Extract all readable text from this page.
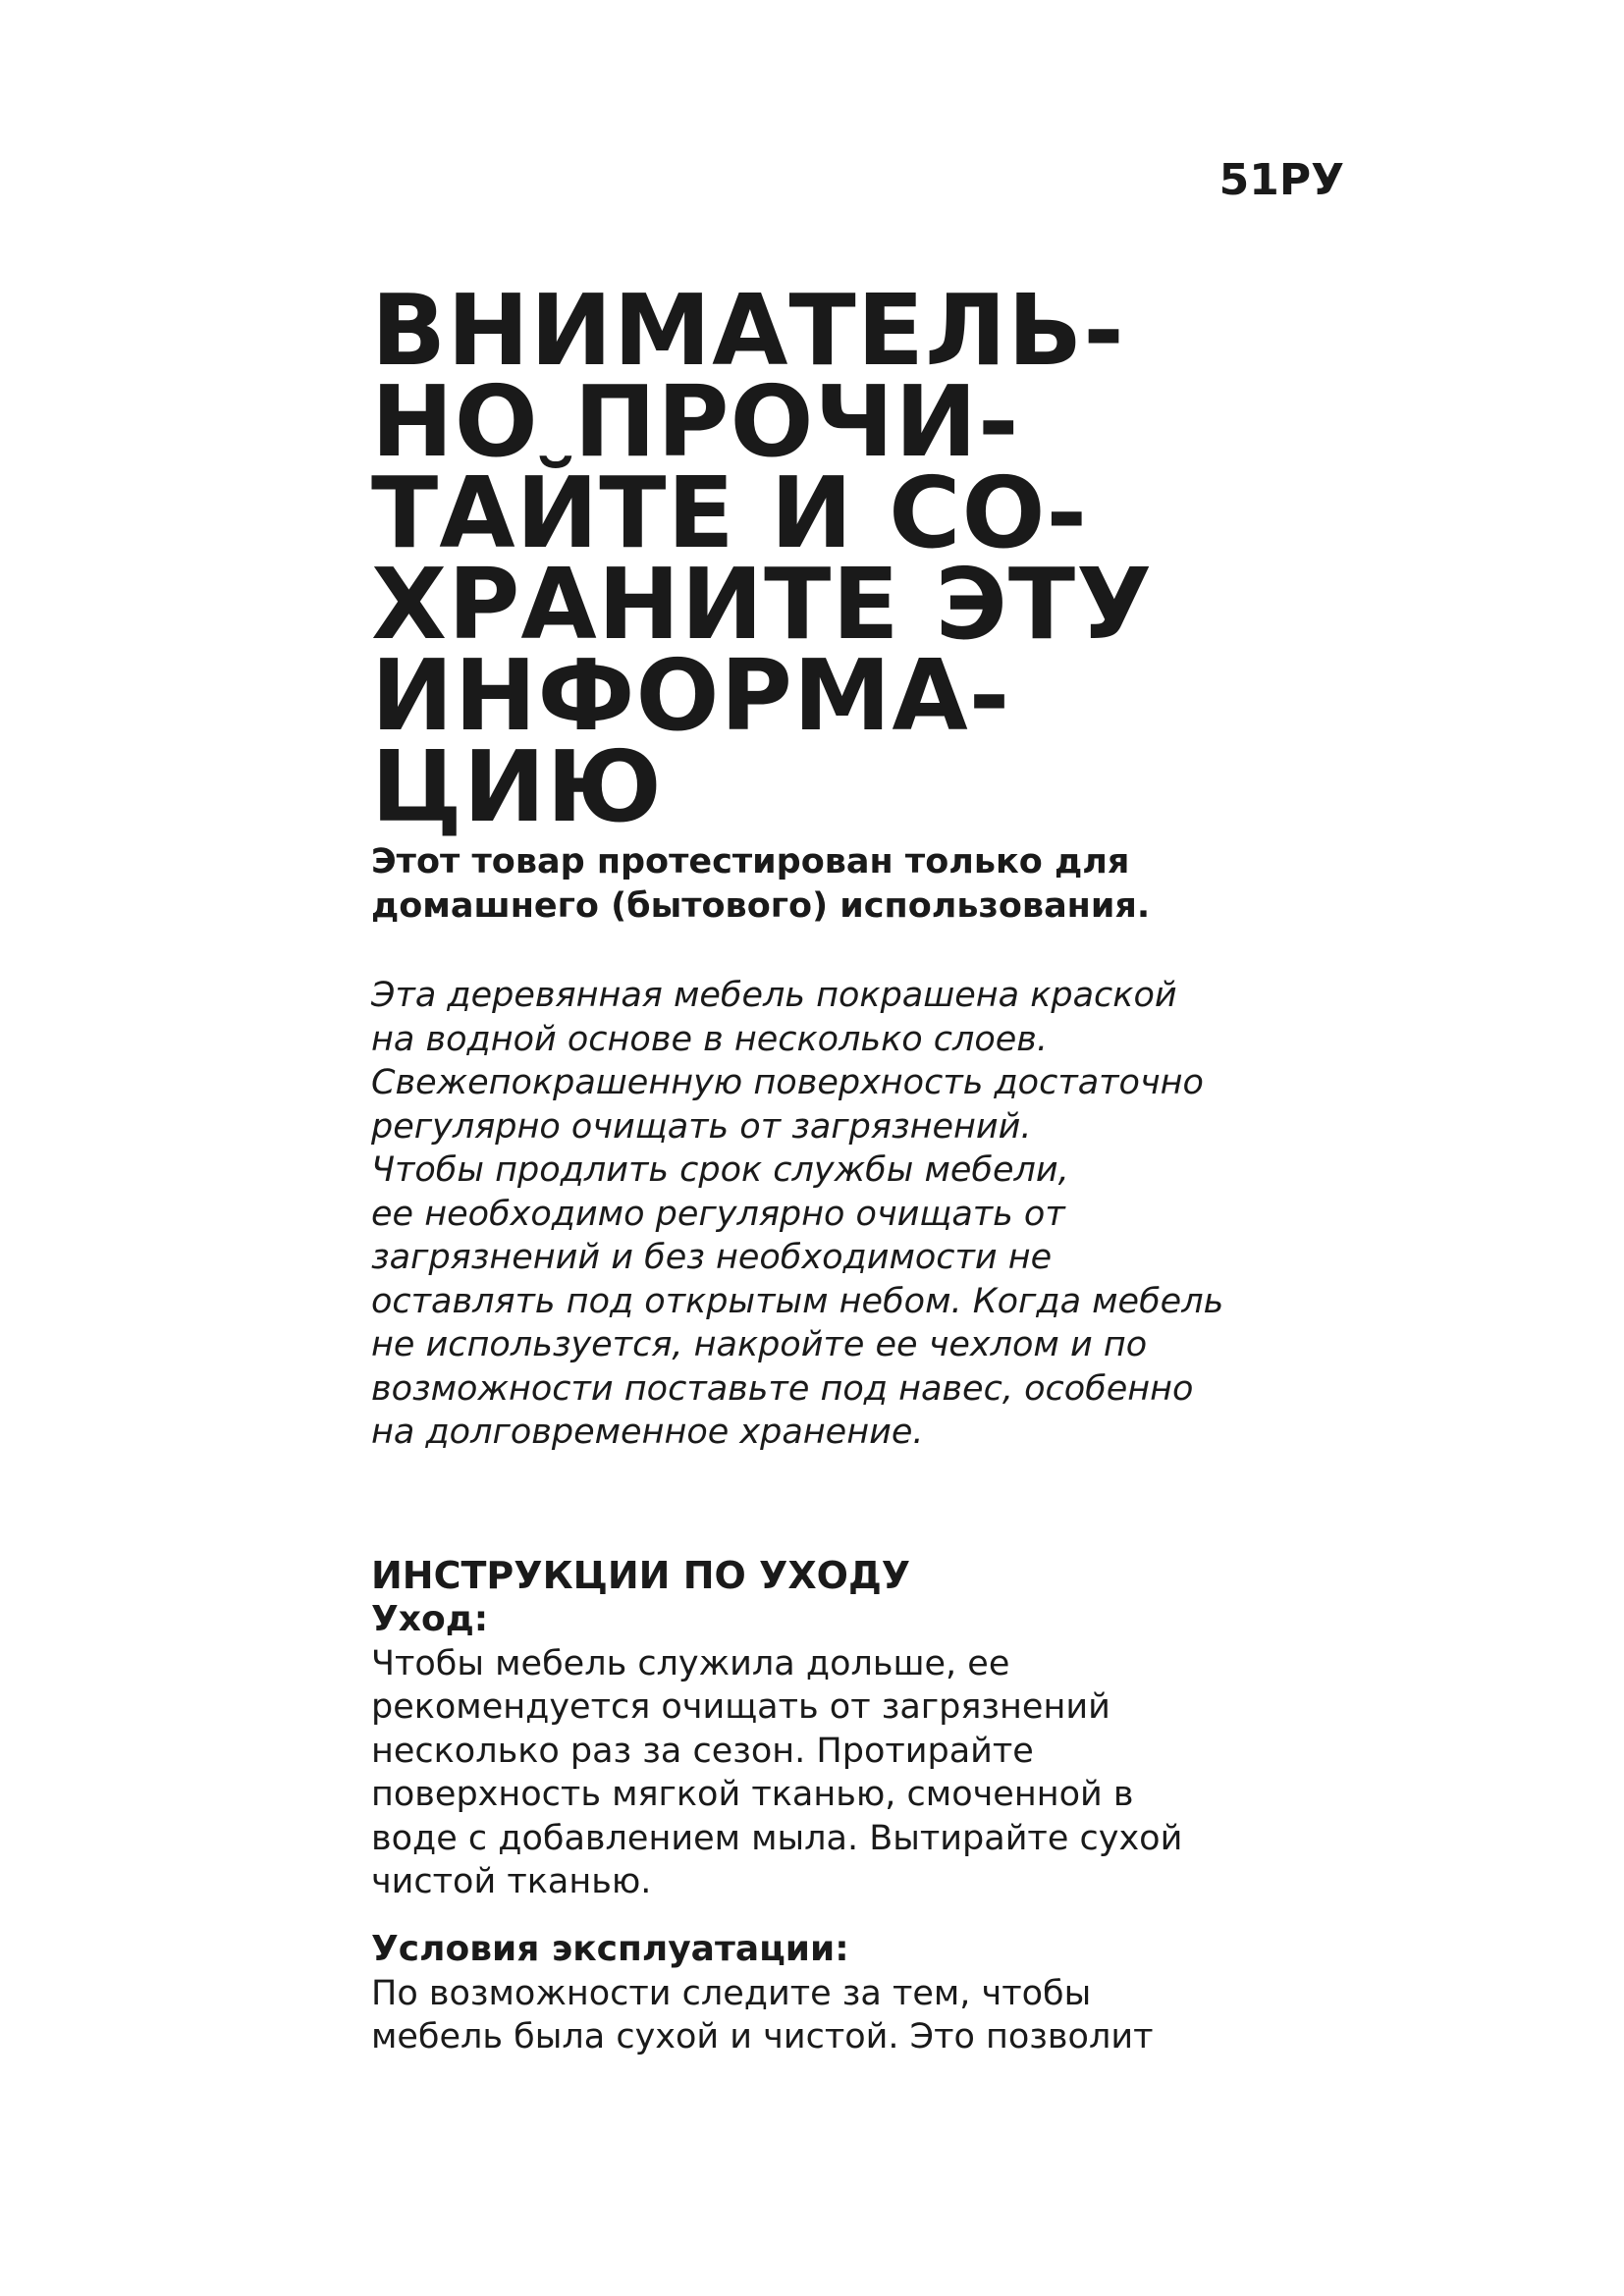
51РУ
ВНИМАТЕЛЬ-
НО ПРОЧИ-
ТАЙТЕ И СО-
ХРАНИТЕ ЭТУ
ИНФОРМА-
ЦИЮ

Этот товар протестирован только для
домашнего (бытового) использования.

Эта деревянная мебель покрашена краской
на водной основе в несколько слоев.
Свежепокрашенную поверхность достаточно
регулярно очищать от загрязнений.
Чтобы продлить срок службы мебели,
ее необходимо регулярно очищать от
загрязнений и без необходимости не
оставлять под открытым небом. Когда мебель
не используется, накройте ее чехлом и по
возможности поставьте под навес, особенно
на долговременное хранение.

ИНСТРУКЦИИ ПО УХОДУ
Уход:

Чтобы мебель служила дольше, ее
рекомендуется очищать от загрязнений
несколько раз за сезон. Протирайте
поверхность мягкой тканью, смоченной в
воде с добавлением мыла. Вытирайте сухой
чистой тканью.

Условия эксплуатации:

По возможности следите за тем, чтобы
мебель была сухой и чистой. Это позволит
